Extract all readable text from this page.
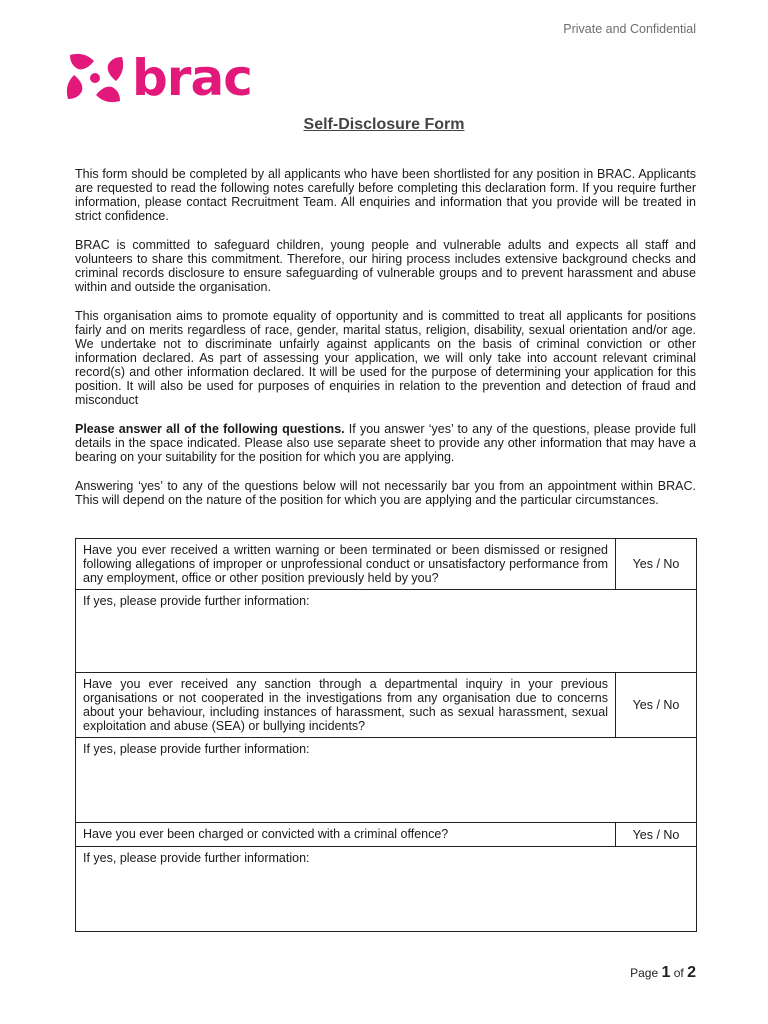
Private and Confidential
brac
Self-Disclosure Form

This form should be completed by all applicants who have been shortlisted for any position in BRAC. Applicants are requested to read the following notes carefully before completing this declaration form. If you require further information, please contact Recruitment Team. All enquiries and information that you provide will be treated in strict confidence.

BRAC is committed to safeguard children, young people and vulnerable adults and expects all staff and volunteers to share this commitment. Therefore, our hiring process includes extensive background checks and criminal records disclosure to ensure safeguarding of vulnerable groups and to prevent harassment and abuse within and outside the organisation.

This organisation aims to promote equality of opportunity and is committed to treat all applicants for positions fairly and on merits regardless of race, gender, marital status, religion, disability, sexual orientation and/or age. We undertake not to discriminate unfairly against applicants on the basis of criminal conviction or other information declared. As part of assessing your application, we will only take into account relevant criminal record(s) and other information declared. It will be used for the purpose of determining your application for this position. It will also be used for purposes of enquiries in relation to the prevention and detection of fraud and misconduct

Please answer all of the following questions. If you answer ‘yes’ to any of the questions, please provide full details in the space indicated. Please also use separate sheet to provide any other information that may have a bearing on your suitability for the position for which you are applying.

Answering ‘yes’ to any of the questions below will not necessarily bar you from an appointment within BRAC. This will depend on the nature of the position for which you are applying and the particular circumstances.

Have you ever received a written warning or been terminated or been dismissed or resigned following allegations of improper or unprofessional conduct or unsatisfactory performance from any employment, office or other position previously held by you?	Yes / No
If yes, please provide further information:	
Have you ever received any sanction through a departmental inquiry in your previous organisations or not cooperated in the investigations from any organisation due to concerns about your behaviour, including instances of harassment, such as sexual harassment, sexual exploitation and abuse (SEA) or bullying incidents?	Yes / No
If yes, please provide further information:	
Have you ever been charged or convicted with a criminal offence?	Yes / No
If yes, please provide further information:	
Page 1 of 2
